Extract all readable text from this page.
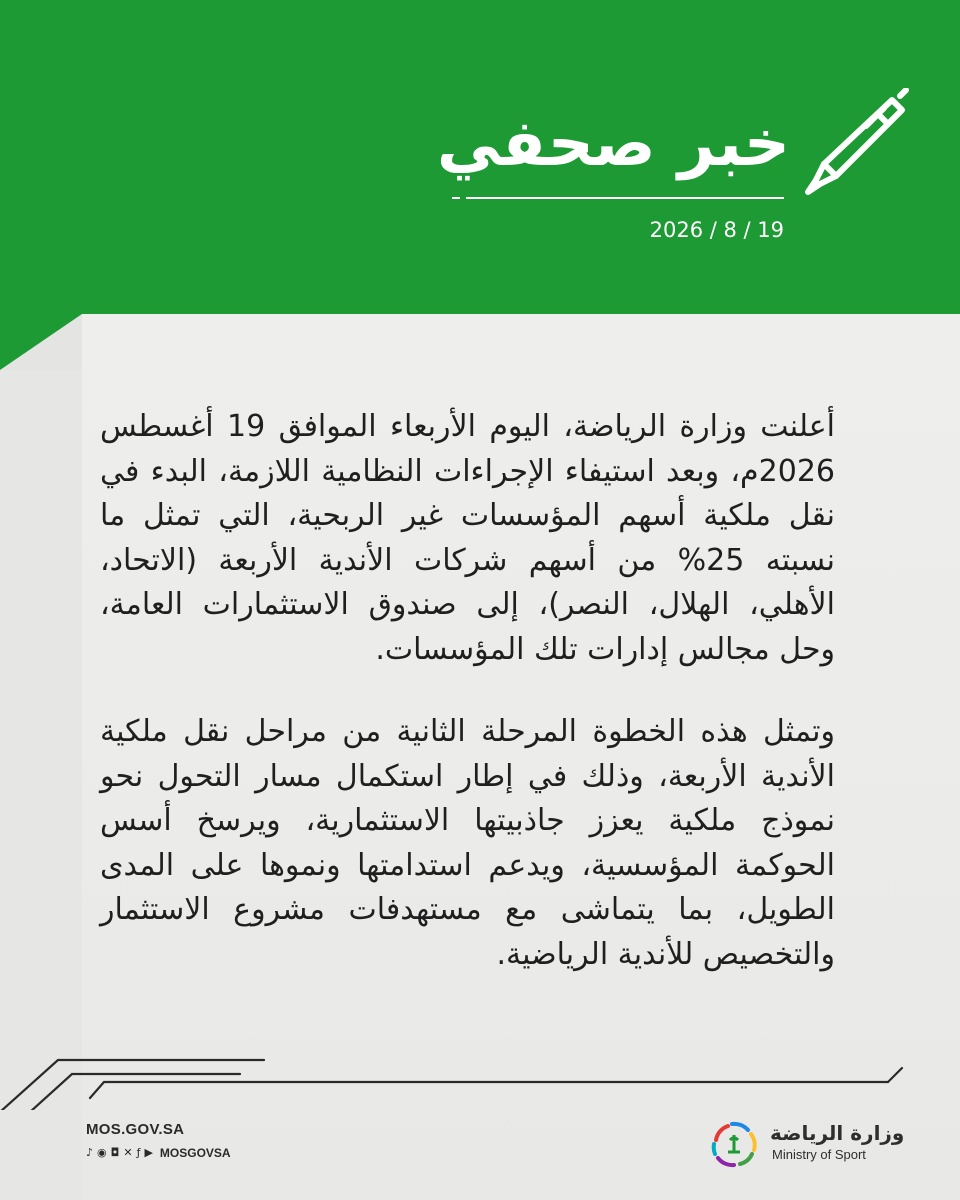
خبر صحفي
2026 / 8 / 19

أعلنت وزارة الرياضة، اليوم الأربعاء الموافق 19 أغسطس 2026م، وبعد استيفاء الإجراءات النظامية اللازمة، البدء في نقل ملكية أسهم المؤسسات غير الربحية، التي تمثل ما نسبته 25% من أسهم شركات الأندية الأربعة (الاتحاد، الأهلي، الهلال، النصر)، إلى صندوق الاستثمارات العامة، وحل مجالس إدارات تلك المؤسسات.

وتمثل هذه الخطوة المرحلة الثانية من مراحل نقل ملكية الأندية الأربعة، وذلك في إطار استكمال مسار التحول نحو نموذج ملكية يعزز جاذبيتها الاستثمارية، ويرسخ أسس الحوكمة المؤسسية، ويدعم استدامتها ونموها على المدى الطويل، بما يتماشى مع مستهدفات مشروع الاستثمار والتخصيص للأندية الرياضية.

MOS.GOV.SA
♪ ◉ ◘ ✕ ƒ ▶ MOSGOVSA
وزارة الرياضة
Ministry of Sport
